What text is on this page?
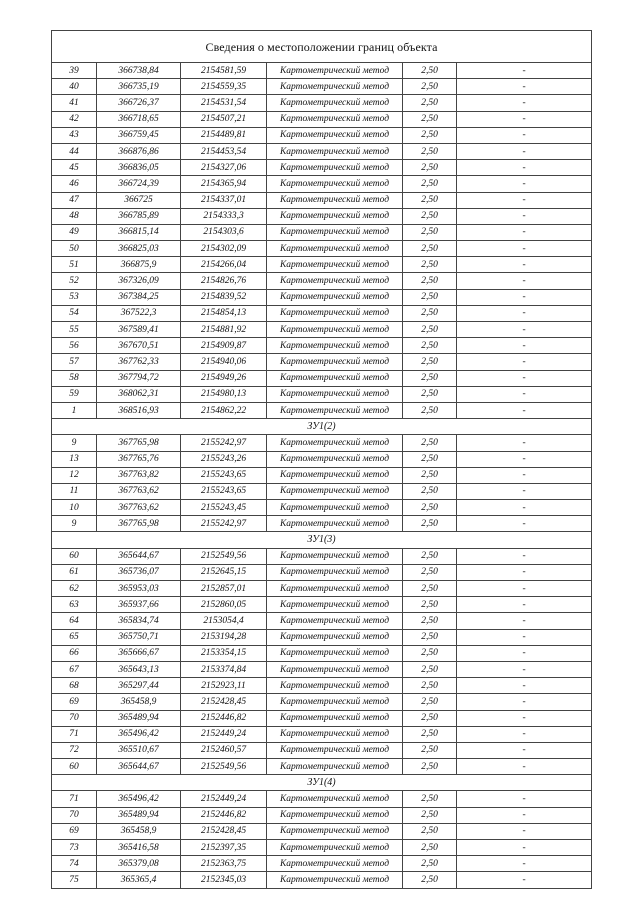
Сведения о местоположении границ объекта					
39	366738,84	2154581,59	Картометрический метод	2,50	-
40	366735,19	2154559,35	Картометрический метод	2,50	-
41	366726,37	2154531,54	Картометрический метод	2,50	-
42	366718,65	2154507,21	Картометрический метод	2,50	-
43	366759,45	2154489,81	Картометрический метод	2,50	-
44	366876,86	2154453,54	Картометрический метод	2,50	-
45	366836,05	2154327,06	Картометрический метод	2,50	-
46	366724,39	2154365,94	Картометрический метод	2,50	-
47	366725	2154337,01	Картометрический метод	2,50	-
48	366785,89	2154333,3	Картометрический метод	2,50	-
49	366815,14	2154303,6	Картометрический метод	2,50	-
50	366825,03	2154302,09	Картометрический метод	2,50	-
51	366875,9	2154266,04	Картометрический метод	2,50	-
52	367326,09	2154826,76	Картометрический метод	2,50	-
53	367384,25	2154839,52	Картометрический метод	2,50	-
54	367522,3	2154854,13	Картометрический метод	2,50	-
55	367589,41	2154881,92	Картометрический метод	2,50	-
56	367670,51	2154909,87	Картометрический метод	2,50	-
57	367762,33	2154940,06	Картометрический метод	2,50	-
58	367794,72	2154949,26	Картометрический метод	2,50	-
59	368062,31	2154980,13	Картометрический метод	2,50	-
1	368516,93	2154862,22	Картометрический метод	2,50	-
ЗУ1(2)					
9	367765,98	2155242,97	Картометрический метод	2,50	-
13	367765,76	2155243,26	Картометрический метод	2,50	-
12	367763,82	2155243,65	Картометрический метод	2,50	-
11	367763,62	2155243,65	Картометрический метод	2,50	-
10	367763,62	2155243,45	Картометрический метод	2,50	-
9	367765,98	2155242,97	Картометрический метод	2,50	-
ЗУ1(3)					
60	365644,67	2152549,56	Картометрический метод	2,50	-
61	365736,07	2152645,15	Картометрический метод	2,50	-
62	365953,03	2152857,01	Картометрический метод	2,50	-
63	365937,66	2152860,05	Картометрический метод	2,50	-
64	365834,74	2153054,4	Картометрический метод	2,50	-
65	365750,71	2153194,28	Картометрический метод	2,50	-
66	365666,67	2153354,15	Картометрический метод	2,50	-
67	365643,13	2153374,84	Картометрический метод	2,50	-
68	365297,44	2152923,11	Картометрический метод	2,50	-
69	365458,9	2152428,45	Картометрический метод	2,50	-
70	365489,94	2152446,82	Картометрический метод	2,50	-
71	365496,42	2152449,24	Картометрический метод	2,50	-
72	365510,67	2152460,57	Картометрический метод	2,50	-
60	365644,67	2152549,56	Картометрический метод	2,50	-
ЗУ1(4)					
71	365496,42	2152449,24	Картометрический метод	2,50	-
70	365489,94	2152446,82	Картометрический метод	2,50	-
69	365458,9	2152428,45	Картометрический метод	2,50	-
73	365416,58	2152397,35	Картометрический метод	2,50	-
74	365379,08	2152363,75	Картометрический метод	2,50	-
75	365365,4	2152345,03	Картометрический метод	2,50	-
